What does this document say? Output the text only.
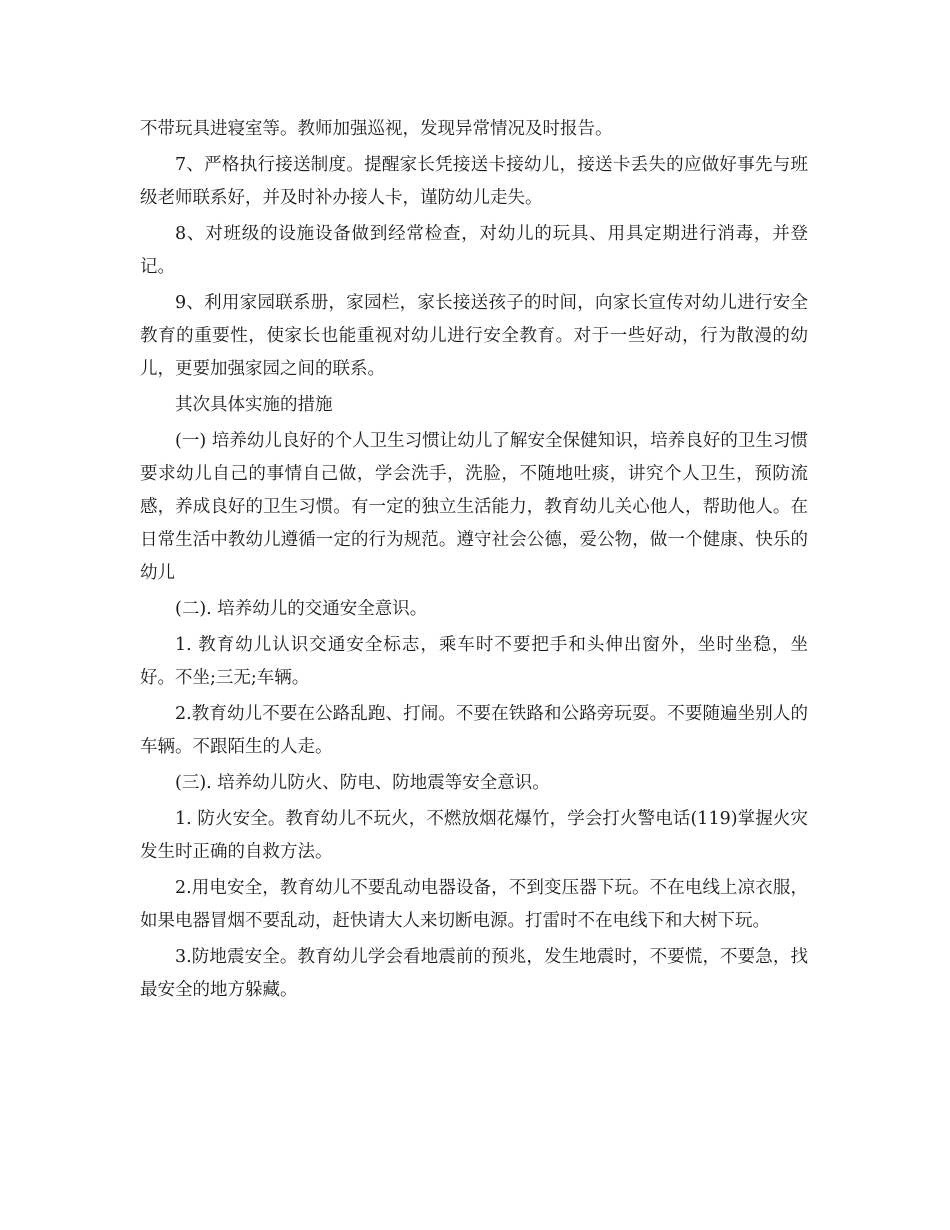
不带玩具进寝室等。教师加强巡视，发现异常情况及时报告。

7、严格执行接送制度。提醒家长凭接送卡接幼儿，接送卡丢失的应做好事先与班级老师联系好，并及时补办接人卡，谨防幼儿走失。

8、对班级的设施设备做到经常检查，对幼儿的玩具、用具定期进行消毒，并登记。

9、利用家园联系册，家园栏，家长接送孩子的时间，向家长宣传对幼儿进行安全教育的重要性，使家长也能重视对幼儿进行安全教育。对于一些好动，行为散漫的幼儿，更要加强家园之间的联系。

其次具体实施的措施

(一) 培养幼儿良好的个人卫生习惯让幼儿了解安全保健知识，培养良好的卫生习惯要求幼儿自己的事情自己做，学会洗手，洗脸，不随地吐痰，讲究个人卫生，预防流感，养成良好的卫生习惯。有一定的独立生活能力，教育幼儿关心他人，帮助他人。在日常生活中教幼儿遵循一定的行为规范。遵守社会公德，爱公物，做一个健康、快乐的幼儿

(二). 培养幼儿的交通安全意识。

1. 教育幼儿认识交通安全标志，乘车时不要把手和头伸出窗外，坐时坐稳，坐好。不坐;三无;车辆。

2.教育幼儿不要在公路乱跑、打闹。不要在铁路和公路旁玩耍。不要随遍坐别人的车辆。不跟陌生的人走。

(三). 培养幼儿防火、防电、防地震等安全意识。

1. 防火安全。教育幼儿不玩火，不燃放烟花爆竹，学会打火警电话(119)掌握火灾发生时正确的自救方法。

2.用电安全，教育幼儿不要乱动电器设备，不到变压器下玩。不在电线上凉衣服，如果电器冒烟不要乱动，赶快请大人来切断电源。打雷时不在电线下和大树下玩。

3.防地震安全。教育幼儿学会看地震前的预兆，发生地震时，不要慌，不要急，找最安全的地方躲藏。
